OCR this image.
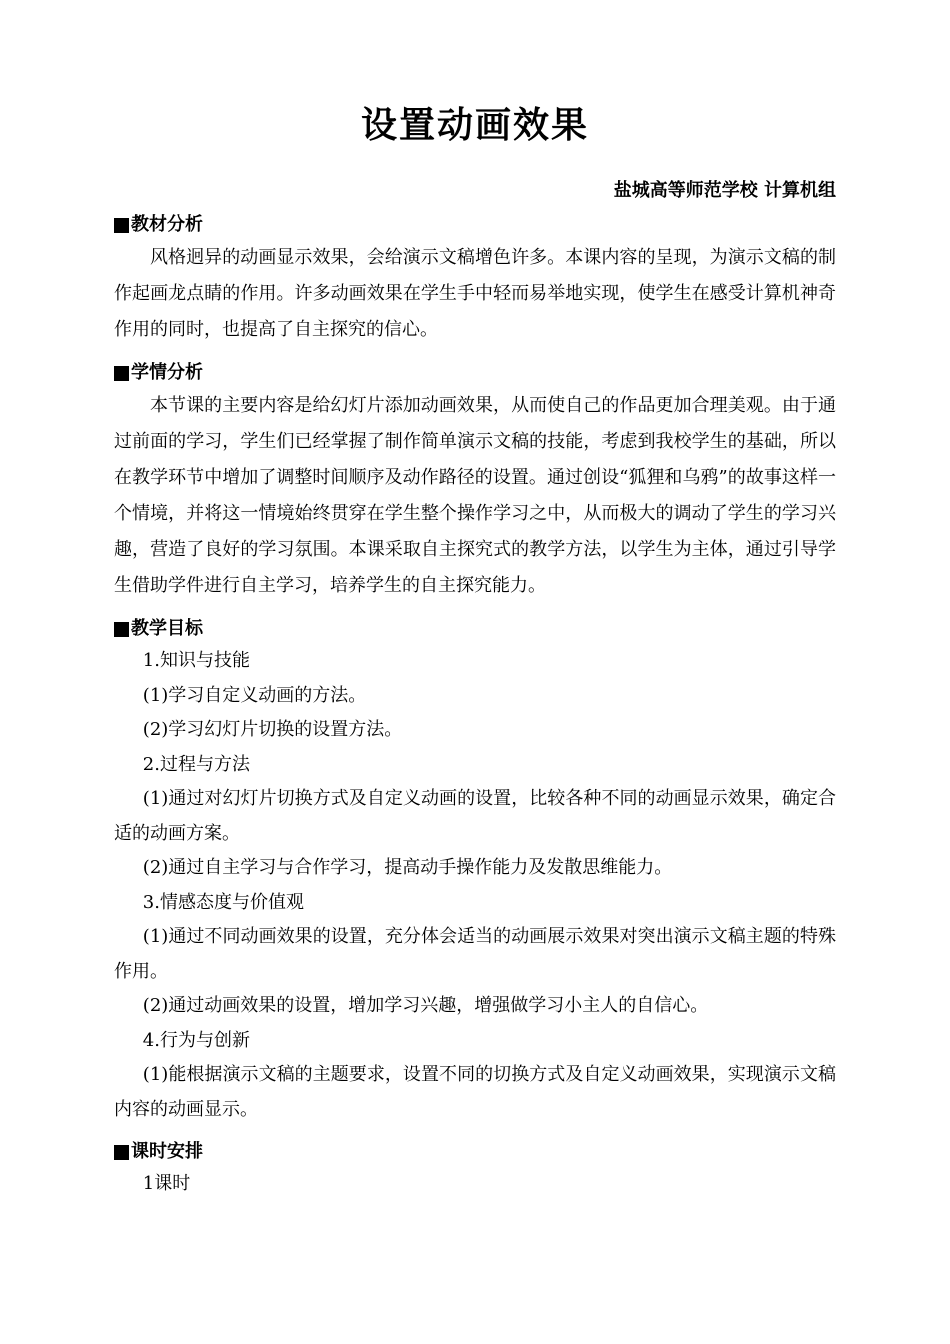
设置动画效果
盐城高等师范学校 计算机组
教材分析

风格迥异的动画显示效果，会给演示文稿增色许多。本课内容的呈现，为演示文稿的制作起画龙点睛的作用。许多动画效果在学生手中轻而易举地实现，使学生在感受计算机神奇作用的同时，也提高了自主探究的信心。

学情分析

本节课的主要内容是给幻灯片添加动画效果，从而使自己的作品更加合理美观。由于通过前面的学习，学生们已经掌握了制作简单演示文稿的技能，考虑到我校学生的基础，所以在教学环节中增加了调整时间顺序及动作路径的设置。通过创设“狐狸和乌鸦”的故事这样一个情境，并将这一情境始终贯穿在学生整个操作学习之中，从而极大的调动了学生的学习兴趣，营造了良好的学习氛围。本课采取自主探究式的教学方法，以学生为主体，通过引导学生借助学件进行自主学习，培养学生的自主探究能力。

教学目标

1.知识与技能

(1)学习自定义动画的方法。

(2)学习幻灯片切换的设置方法。

2.过程与方法

(1)通过对幻灯片切换方式及自定义动画的设置，比较各种不同的动画显示效果，确定合适的动画方案。

(2)通过自主学习与合作学习，提高动手操作能力及发散思维能力。

3.情感态度与价值观

(1)通过不同动画效果的设置，充分体会适当的动画展示效果对突出演示文稿主题的特殊作用。

(2)通过动画效果的设置，增加学习兴趣，增强做学习小主人的自信心。

4.行为与创新

(1)能根据演示文稿的主题要求，设置不同的切换方式及自定义动画效果，实现演示文稿内容的动画显示。

课时安排

1课时
